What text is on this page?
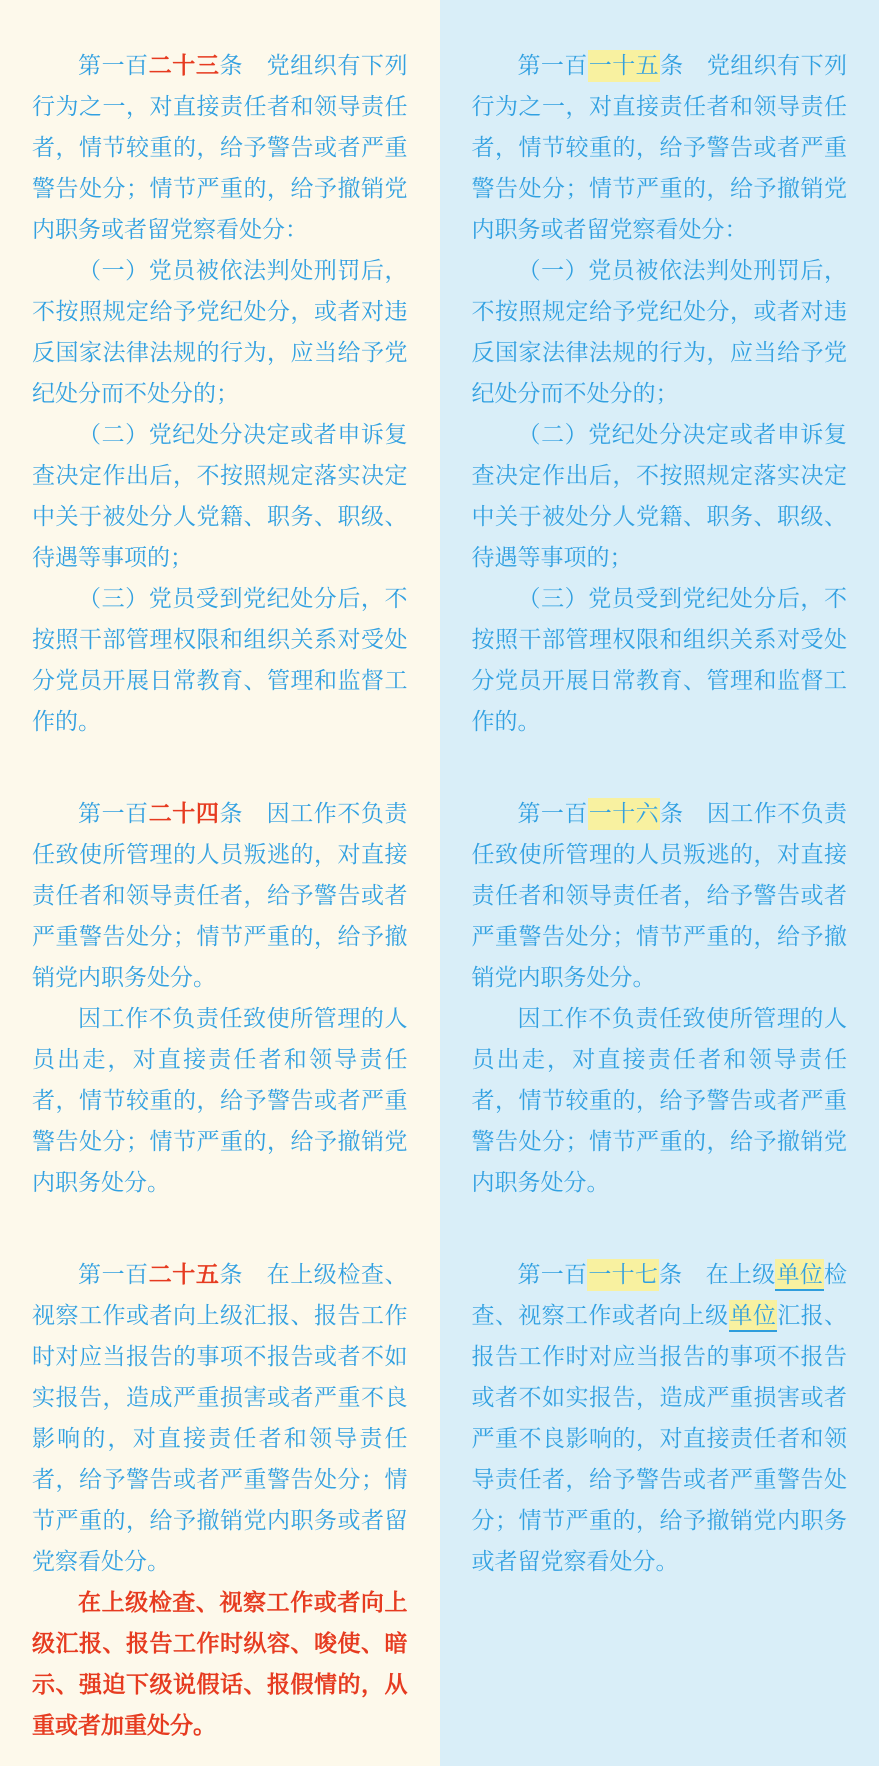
第一百二十三条　党组织有下列行为之一，对直接责任者和领导责任者，情节较重的，给予警告或者严重警告处分；情节严重的，给予撤销党内职务或者留党察看处分：

（一）党员被依法判处刑罚后，不按照规定给予党纪处分，或者对违反国家法律法规的行为，应当给予党纪处分而不处分的；

（二）党纪处分决定或者申诉复查决定作出后，不按照规定落实决定中关于被处分人党籍、职务、职级、待遇等事项的；

（三）党员受到党纪处分后，不按照干部管理权限和组织关系对受处分党员开展日常教育、管理和监督工作的。

第一百二十四条　因工作不负责任致使所管理的人员叛逃的，对直接责任者和领导责任者，给予警告或者严重警告处分；情节严重的，给予撤销党内职务处分。

因工作不负责任致使所管理的人员出走，对直接责任者和领导责任者，情节较重的，给予警告或者严重警告处分；情节严重的，给予撤销党内职务处分。

第一百二十五条　在上级检查、视察工作或者向上级汇报、报告工作时对应当报告的事项不报告或者不如实报告，造成严重损害或者严重不良影响的，对直接责任者和领导责任者，给予警告或者严重警告处分；情节严重的，给予撤销党内职务或者留党察看处分。

在上级检查、视察工作或者向上级汇报、报告工作时纵容、唆使、暗示、强迫下级说假话、报假情的，从重或者加重处分。

第一百一十五条　党组织有下列行为之一，对直接责任者和领导责任者，情节较重的，给予警告或者严重警告处分；情节严重的，给予撤销党内职务或者留党察看处分：

（一）党员被依法判处刑罚后，不按照规定给予党纪处分，或者对违反国家法律法规的行为，应当给予党纪处分而不处分的；

（二）党纪处分决定或者申诉复查决定作出后，不按照规定落实决定中关于被处分人党籍、职务、职级、待遇等事项的；

（三）党员受到党纪处分后，不按照干部管理权限和组织关系对受处分党员开展日常教育、管理和监督工作的。

第一百一十六条　因工作不负责任致使所管理的人员叛逃的，对直接责任者和领导责任者，给予警告或者严重警告处分；情节严重的，给予撤销党内职务处分。

因工作不负责任致使所管理的人员出走，对直接责任者和领导责任者，情节较重的，给予警告或者严重警告处分；情节严重的，给予撤销党内职务处分。

第一百一十七条　在上级单位检查、视察工作或者向上级单位汇报、报告工作时对应当报告的事项不报告或者不如实报告，造成严重损害或者严重不良影响的，对直接责任者和领导责任者，给予警告或者严重警告处分；情节严重的，给予撤销党内职务或者留党察看处分。
